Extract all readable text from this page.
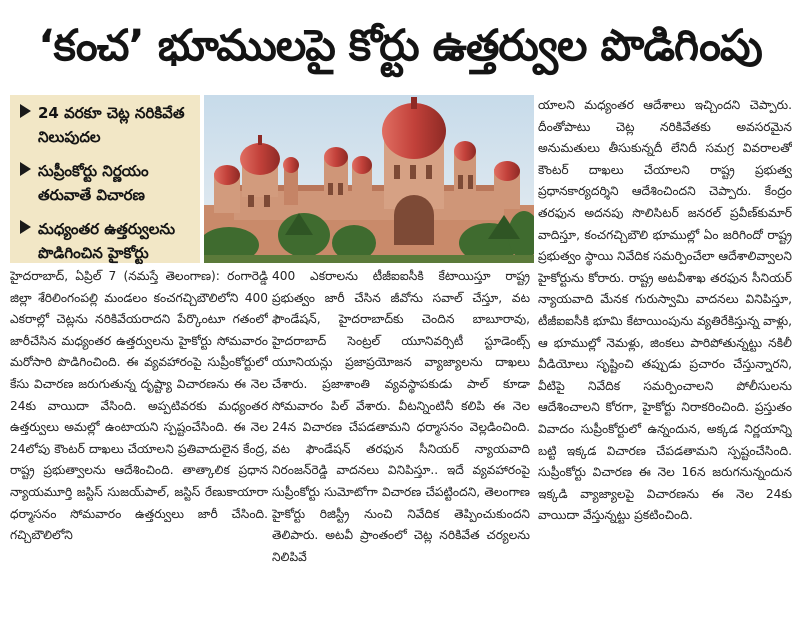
‘కంచ’ భూములపై కోర్టు ఉత్తర్వుల పొడిగింపు
24 వరకూ చెట్ల నరికివేత నిలుపుదల
సుప్రీంకోర్టు నిర్ణయం తరువాతే విచారణ
మధ్యంతర ఉత్తర్వులను పొడిగించిన హైకోర్టు

హైదరాబాద్, ఏప్రిల్ 7 (నమస్తే తెలంగాణ): రంగారెడ్డి జిల్లా శేరిలింగంపల్లి మండలం కంచగచ్చిబౌలిలోని 400 ఎకరాల్లో చెట్లను నరికివేయరాదని పేర్కొంటూ గతంలో జారీచేసిన మధ్యంతర ఉత్తర్వులను హైకోర్టు సోమవారం మరోసారి పొడిగించింది. ఈ వ్యవహారంపై సుప్రీంకోర్టులో కేసు విచారణ జరుగుతున్న దృష్ట్యా విచారణను ఈ నెల 24కు వాయిదా వేసింది. అప్పటివరకు మధ్యంతర ఉత్తర్వులు అమల్లో ఉంటాయని స్పష్టంచేసింది. ఈ నెల 24లోపు కౌంటర్ దాఖలు చేయాలని ప్రతివాదులైన కేంద్ర, రాష్ట్ర ప్రభుత్వాలను ఆదేశించింది. తాత్కాలిక ప్రధాన న్యాయమూర్తి జస్టిస్ సుజయ్‌పాల్, జస్టిస్ రేణుకాయారా ధర్మాసనం సోమవారం ఉత్తర్వులు జారీ చేసింది. గచ్చిబౌలిలోని

400 ఎకరాలను టీజీఐఐసీకి కేటాయిస్తూ రాష్ట్ర ప్రభుత్వం జారీ చేసిన జీవోను సవాల్ చేస్తూ, వట ఫౌండేషన్, హైదరాబాద్‌కు చెందిన బాబూరావు, హైదరాబాద్ సెంట్రల్ యూనివర్సిటీ స్టూడెంట్స్ యూనియన్లు ప్రజాప్రయోజన వ్యాజ్యాలను దాఖలు చేశారు. ప్రజాశాంతి వ్యవస్థాపకుడు పాల్ కూడా సోమవారం పిల్ వేశారు. వీటన్నింటినీ కలిపి ఈ నెల 24న విచారణ చేపడతామని ధర్మాసనం వెల్లడించింది. వట ఫౌండేషన్ తరఫున సీనియర్ న్యాయవాది నిరంజన్‌రెడ్డి వాదనలు వినిపిస్తూ.. ఇదే వ్యవహారంపై సుప్రీంకోర్టు సుమోటోగా విచారణ చేపట్టిందని, తెలంగాణ హైకోర్టు రిజిస్ట్రీ నుంచి నివేదిక తెప్పించుకుందని తెలిపారు. అటవీ ప్రాంతంలో చెట్ల నరికివేత చర్యలను నిలిపివే

యాలని మధ్యంతర ఆదేశాలు ఇచ్చిందని చెప్పారు. దీంతోపాటు చెట్ల నరికివేతకు అవసరమైన అనుమతులు తీసుకున్నదీ లేనిదీ సమగ్ర వివరాలతో కౌంటర్ దాఖలు చేయాలని రాష్ట్ర ప్రభుత్వ ప్రధానకార్యదర్శిని ఆదేశించిందని చెప్పారు. కేంద్రం తరఫున అదనపు సొలిసిటర్ జనరల్ ప్రవీణ్‌కుమార్ వాదిస్తూ, కంచగచ్చిబౌలి భూముల్లో ఏం జరిగిందో రాష్ట్ర ప్రభుత్వం స్థాయి నివేదిక సమర్పించేలా ఆదేశాలివ్వాలని హైకోర్టును కోరారు. రాష్ట్ర అటవీశాఖ తరఫున సీనియర్ న్యాయవాది మేనక గురుస్వామి వాదనలు వినిపిస్తూ, టీజీఐఐసీకి భూమి కేటాయింపును వ్యతిరేకిస్తున్న వాళ్లు, ఆ భూముల్లో నెమళ్లు, జింకలు పారిపోతున్నట్టు నకిలీ వీడియోలు సృష్టించి తప్పుడు ప్రచారం చేస్తున్నారని, వీటిపై నివేదిక సమర్పించాలని పోలీసులను ఆదేశించాలని కోరగా, హైకోర్టు నిరాకరించింది. ప్రస్తుతం వివాదం సుప్రీంకోర్టులో ఉన్నందున, అక్కడ నిర్ణయాన్ని బట్టి ఇక్కడ విచారణ చేపడతామని స్పష్టంచేసింది. సుప్రీంకోర్టు విచారణ ఈ నెల 16న జరుగనున్నందున ఇక్కడి వ్యాజ్యాలపై విచారణను ఈ నెల 24కు వాయిదా వేస్తున్నట్టు ప్రకటించింది.
